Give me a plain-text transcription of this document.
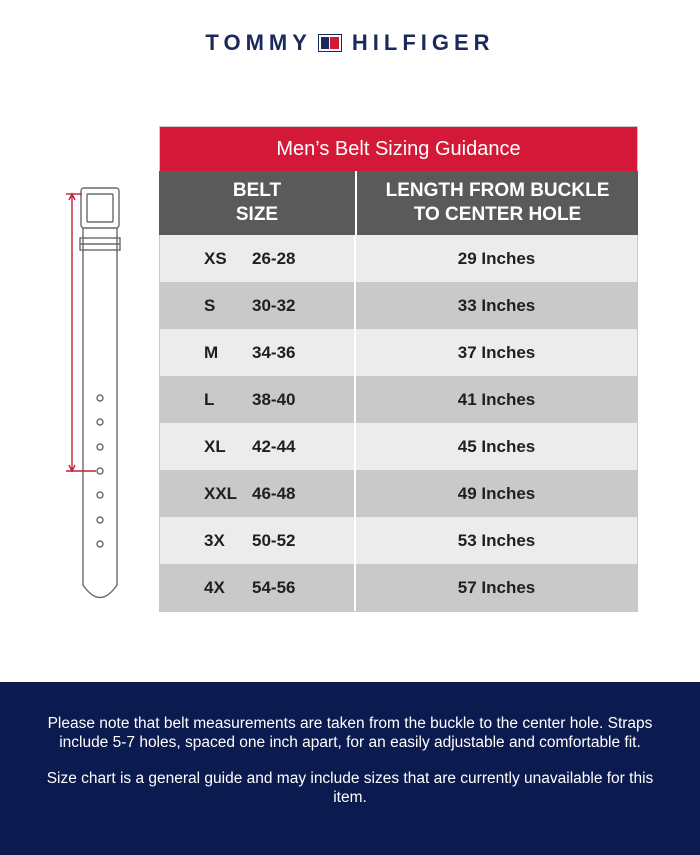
TOMMY HILFIGER
Men’s Belt Sizing Guidance
BELT
SIZE
LENGTH FROM BUCKLE
TO CENTER HOLE
XS	26-28	29 Inches
S	30-32	33 Inches
M	34-36	37 Inches
L	38-40	41 Inches
XL	42-44	45 Inches
XXL 46-48	49 Inches
3X	50-52	53 Inches
4X	54-56	57 Inches

Please note that belt measurements are taken from the buckle to the center hole. Straps include 5-7 holes, spaced one inch apart, for an easily adjustable and comfortable fit.

Size chart is a general guide and may include sizes that are currently unavailable for this item.
